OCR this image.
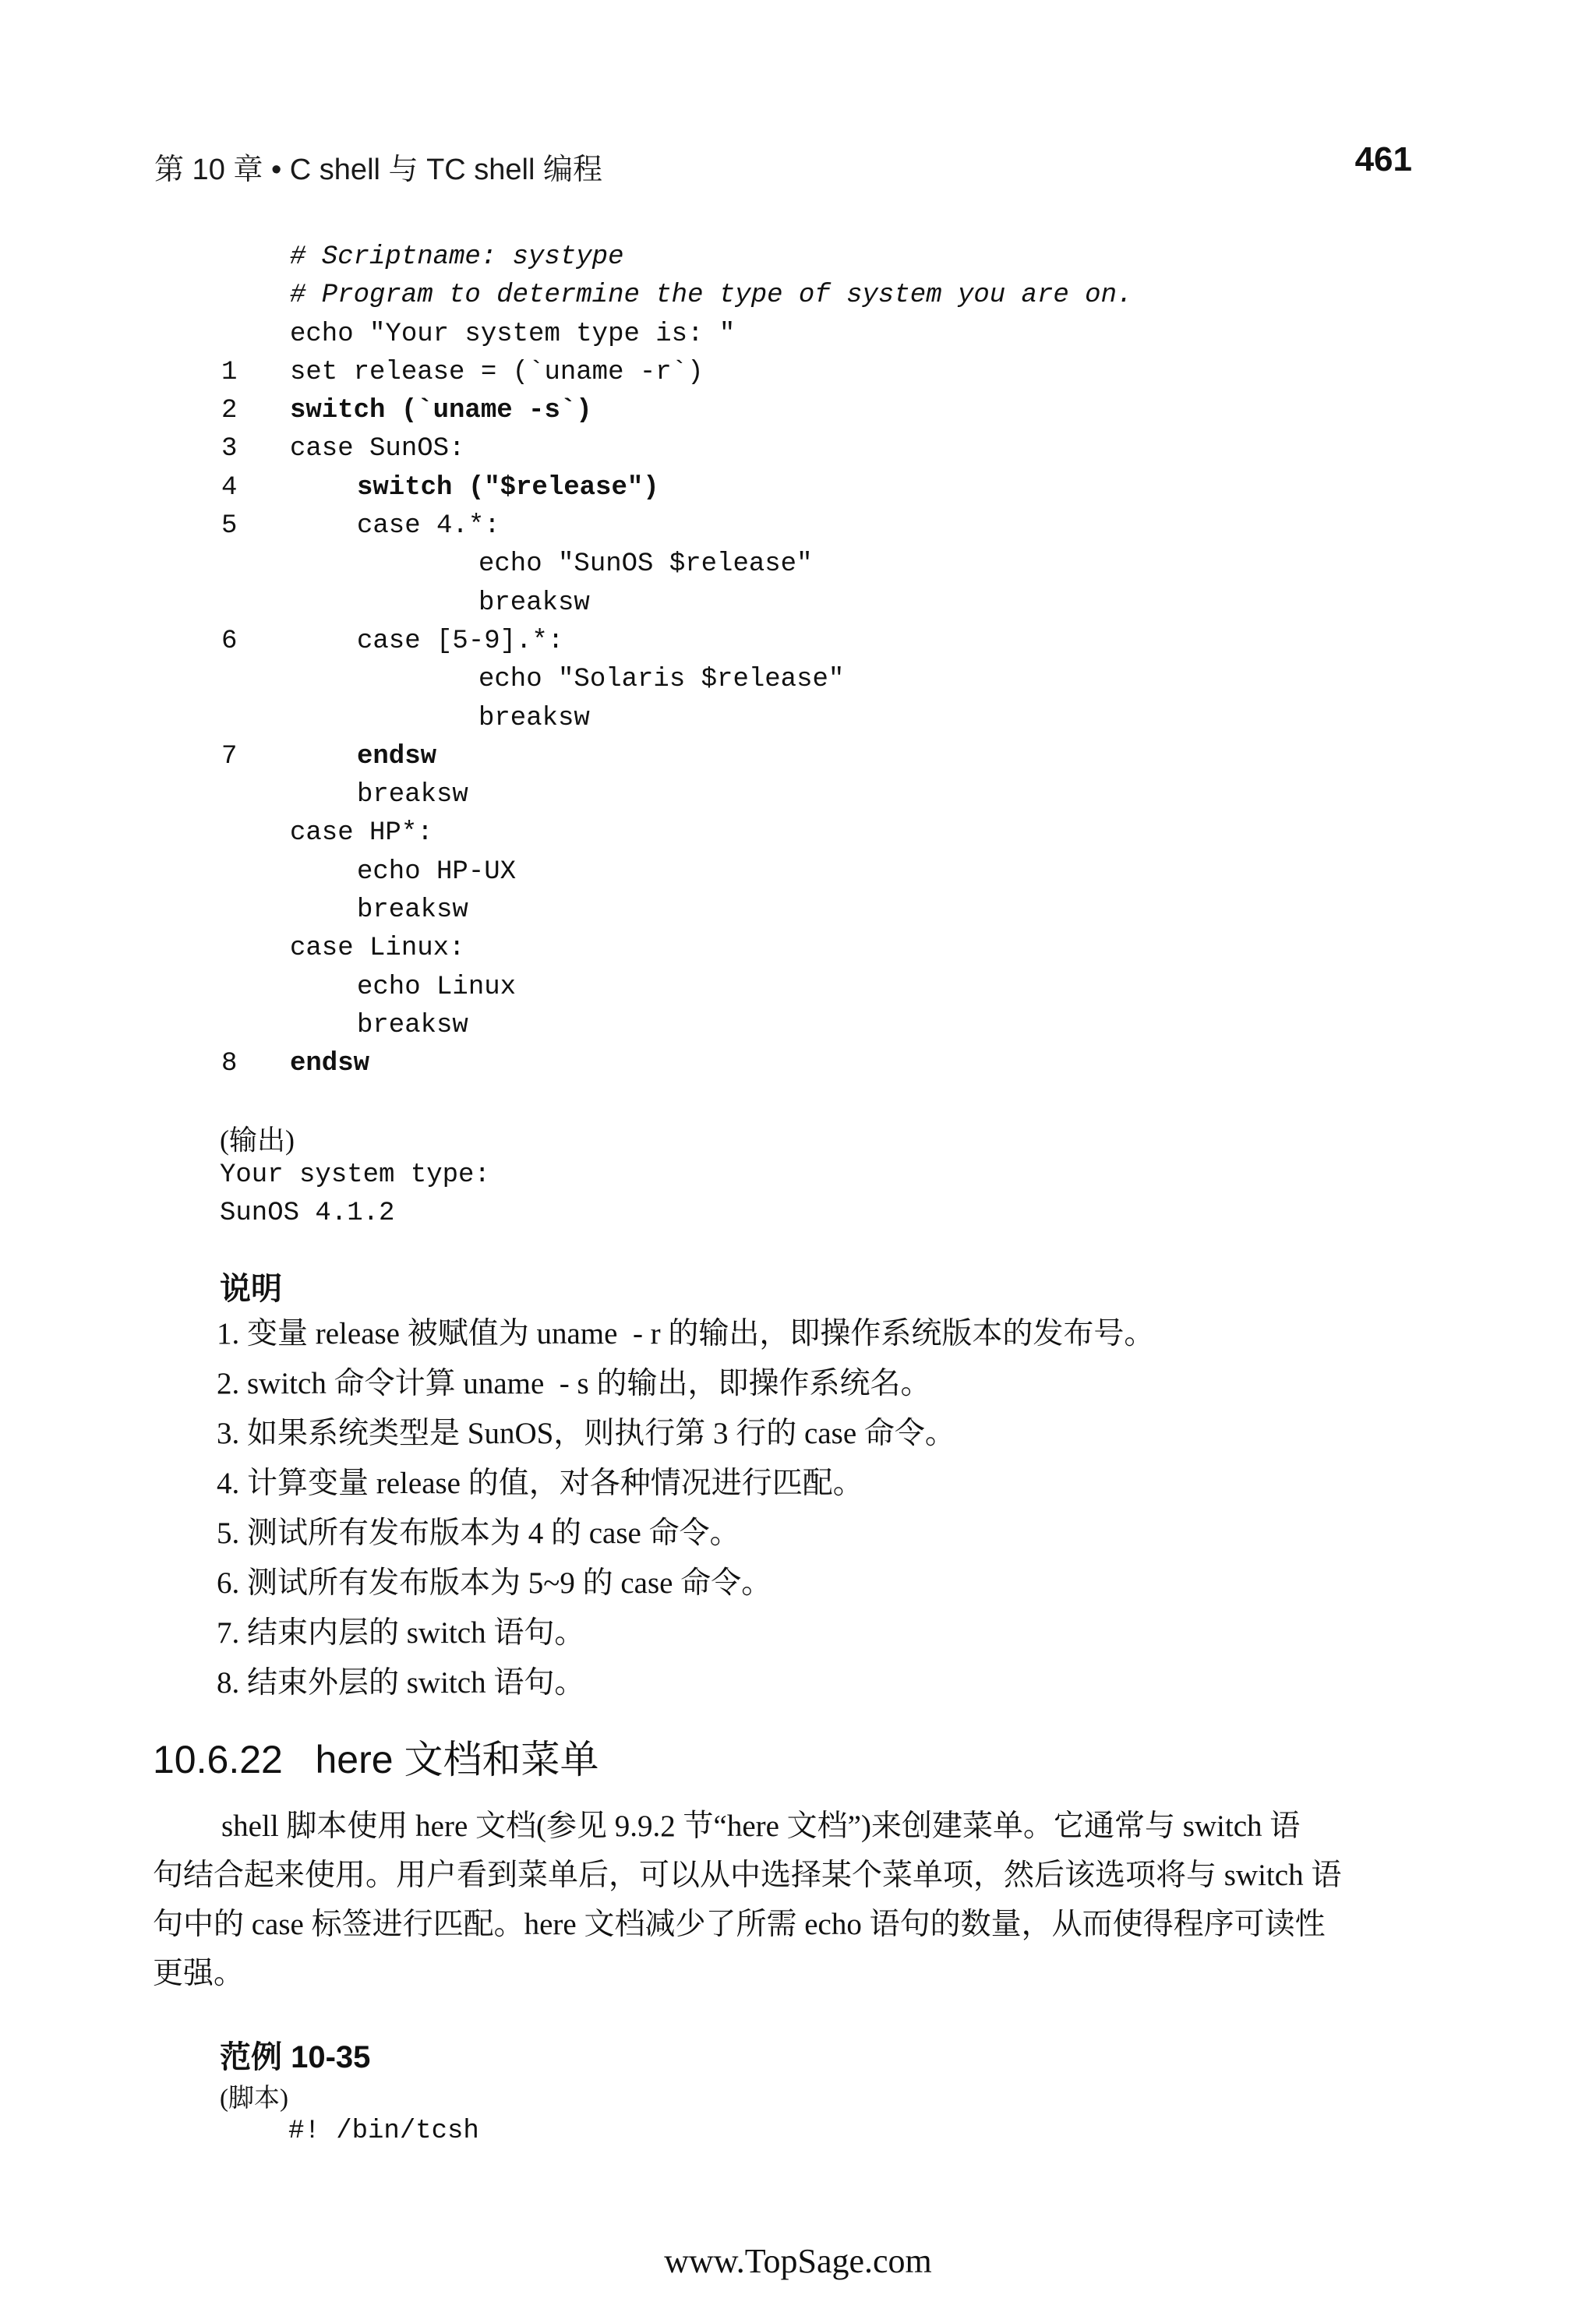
第 10 章 • C shell 与 TC shell 编程	461
# Scriptname: systype
# Program to determine the type of system you are on.
echo "Your system type is: "
1 set release = (`uname -r`)
2 switch (`uname -s`)
3 case SunOS:
4	switch ("$release")
5	case 4.*:
echo "SunOS $release"
breaksw
6	case [5-9].*:
echo "Solaris $release"
breaksw
7	endsw
breaksw
case HP*:
echo HP-UX
breaksw
case Linux:
echo Linux
breaksw
8 endsw
(输出)
Your system type:
SunOS 4.1.2
说明
1. 变量 release 被赋值为 uname  - r 的输出，即操作系统版本的发布号。
2. switch 命令计算 uname  - s 的输出，即操作系统名。
3. 如果系统类型是 SunOS，则执行第 3 行的 case 命令。
4. 计算变量 release 的值，对各种情况进行匹配。
5. 测试所有发布版本为 4 的 case 命令。
6. 测试所有发布版本为 5~9 的 case 命令。
7. 结束内层的 switch 语句。
8. 结束外层的 switch 语句。
10.6.22   here 文档和菜单
shell 脚本使用 here 文档(参见 9.9.2 节“here 文档”)来创建菜单。它通常与 switch 语
句结合起来使用。用户看到菜单后，可以从中选择某个菜单项，然后该选项将与 switch 语
句中的 case 标签进行匹配。here 文档减少了所需 echo 语句的数量，从而使得程序可读性
更强。
范例 10-35
(脚本)
#! /bin/tcsh
www.TopSage.com
